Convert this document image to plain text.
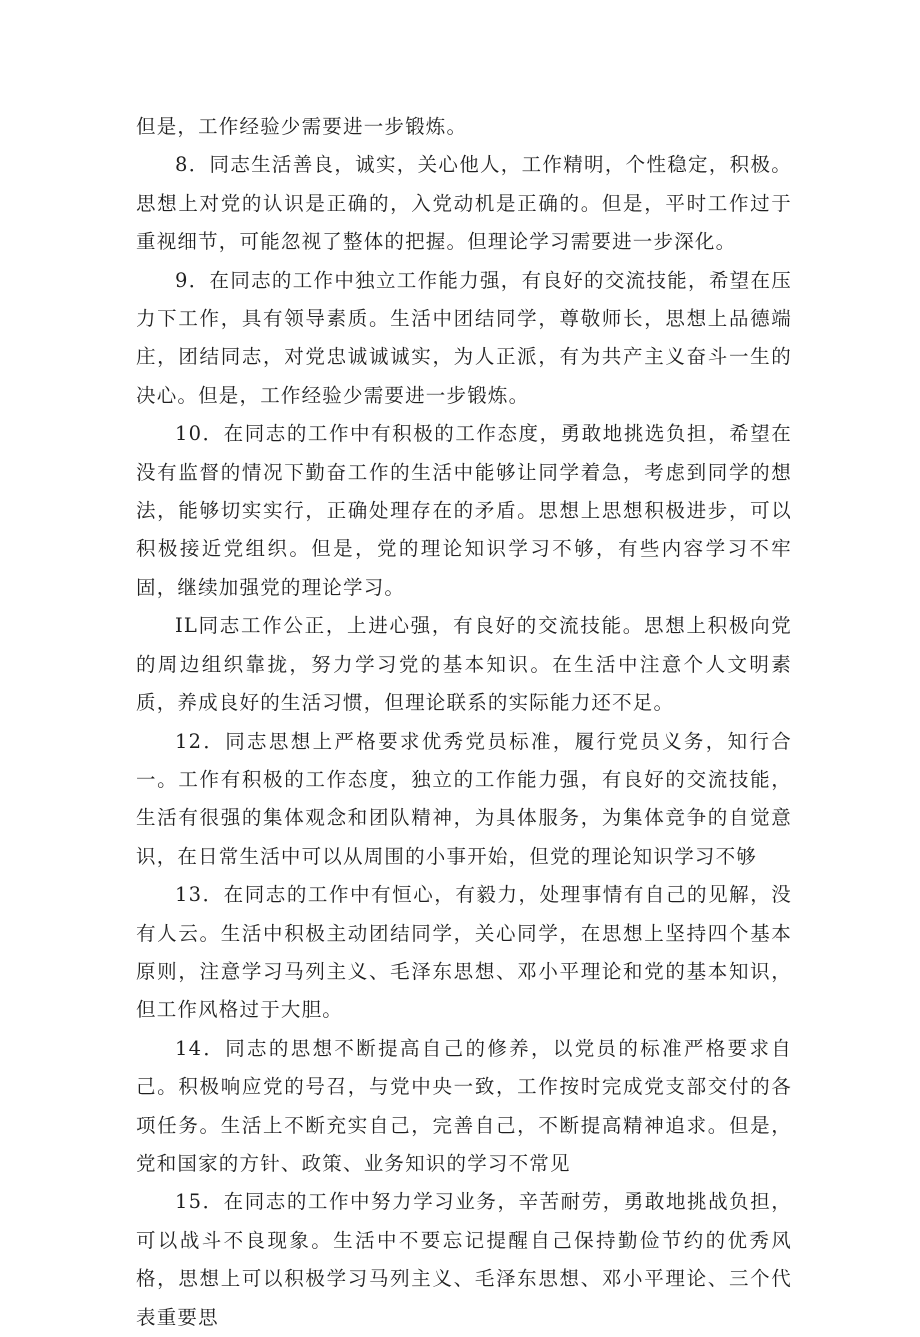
但是，工作经验少需要进一步锻炼。

8．同志生活善良，诚实，关心他人，工作精明，个性稳定，积极。思想上对党的认识是正确的，入党动机是正确的。但是，平时工作过于重视细节，可能忽视了整体的把握。但理论学习需要进一步深化。

9．在同志的工作中独立工作能力强，有良好的交流技能，希望在压力下工作，具有领导素质。生活中团结同学，尊敬师长，思想上品德端庄，团结同志，对党忠诚诚诚实，为人正派，有为共产主义奋斗一生的决心。但是，工作经验少需要进一步锻炼。

10．在同志的工作中有积极的工作态度，勇敢地挑选负担，希望在没有监督的情况下勤奋工作的生活中能够让同学着急，考虑到同学的想法，能够切实实行，正确处理存在的矛盾。思想上思想积极进步，可以积极接近党组织。但是，党的理论知识学习不够，有些内容学习不牢固，继续加强党的理论学习。

IL同志工作公正，上进心强，有良好的交流技能。思想上积极向党的周边组织靠拢，努力学习党的基本知识。在生活中注意个人文明素质，养成良好的生活习惯，但理论联系的实际能力还不足。

12．同志思想上严格要求优秀党员标准，履行党员义务，知行合一。工作有积极的工作态度，独立的工作能力强，有良好的交流技能，生活有很强的集体观念和团队精神，为具体服务，为集体竞争的自觉意识，在日常生活中可以从周围的小事开始，但党的理论知识学习不够

13．在同志的工作中有恒心，有毅力，处理事情有自己的见解，没有人云。生活中积极主动团结同学，关心同学，在思想上坚持四个基本原则，注意学习马列主义、毛泽东思想、邓小平理论和党的基本知识，但工作风格过于大胆。

14．同志的思想不断提高自己的修养，以党员的标准严格要求自己。积极响应党的号召，与党中央一致，工作按时完成党支部交付的各项任务。生活上不断充实自己，完善自己，不断提高精神追求。但是，党和国家的方针、政策、业务知识的学习不常见

15．在同志的工作中努力学习业务，辛苦耐劳，勇敢地挑战负担，可以战斗不良现象。生活中不要忘记提醒自己保持勤俭节约的优秀风格，思想上可以积极学习马列主义、毛泽东思想、邓小平理论、三个代表重要思
